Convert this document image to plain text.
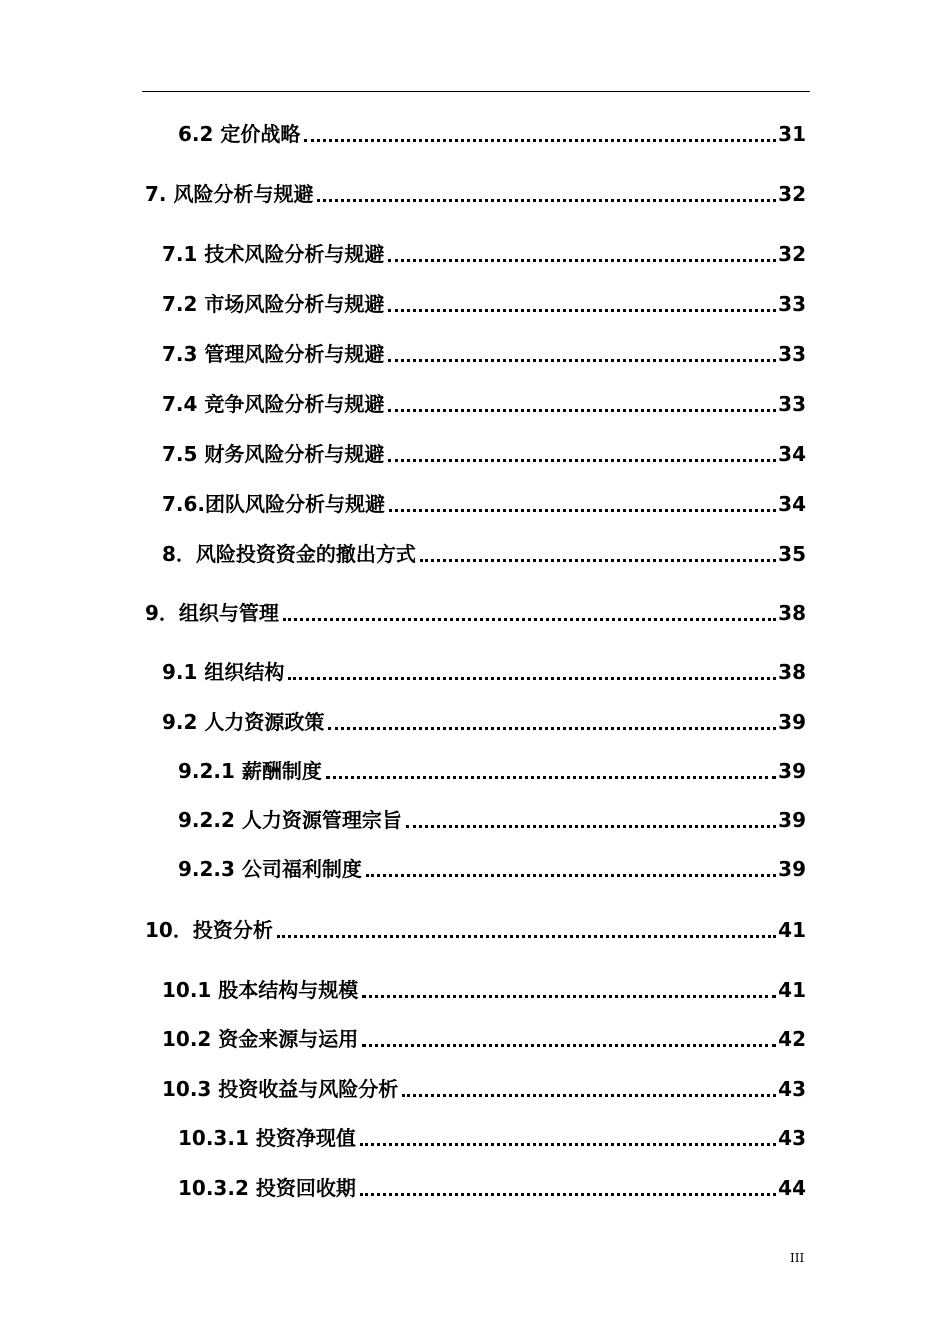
6.2 定价战略	31
7. 风险分析与规避	32
7.1 技术风险分析与规避	32
7.2 市场风险分析与规避	33
7.3 管理风险分析与规避	33
7.4 竞争风险分析与规避	33
7.5 财务风险分析与规避	34
7.6.团队风险分析与规避	34
8．风险投资资金的撤出方式	35
9．组织与管理	38
9.1 组织结构	38
9.2 人力资源政策	39
9.2.1 薪酬制度	39
9.2.2 人力资源管理宗旨	39
9.2.3 公司福利制度	39
10．投资分析	41
10.1 股本结构与规模	41
10.2 资金来源与运用	42
10.3 投资收益与风险分析	43
10.3.1 投资净现值	43
10.3.2 投资回收期	44
III
